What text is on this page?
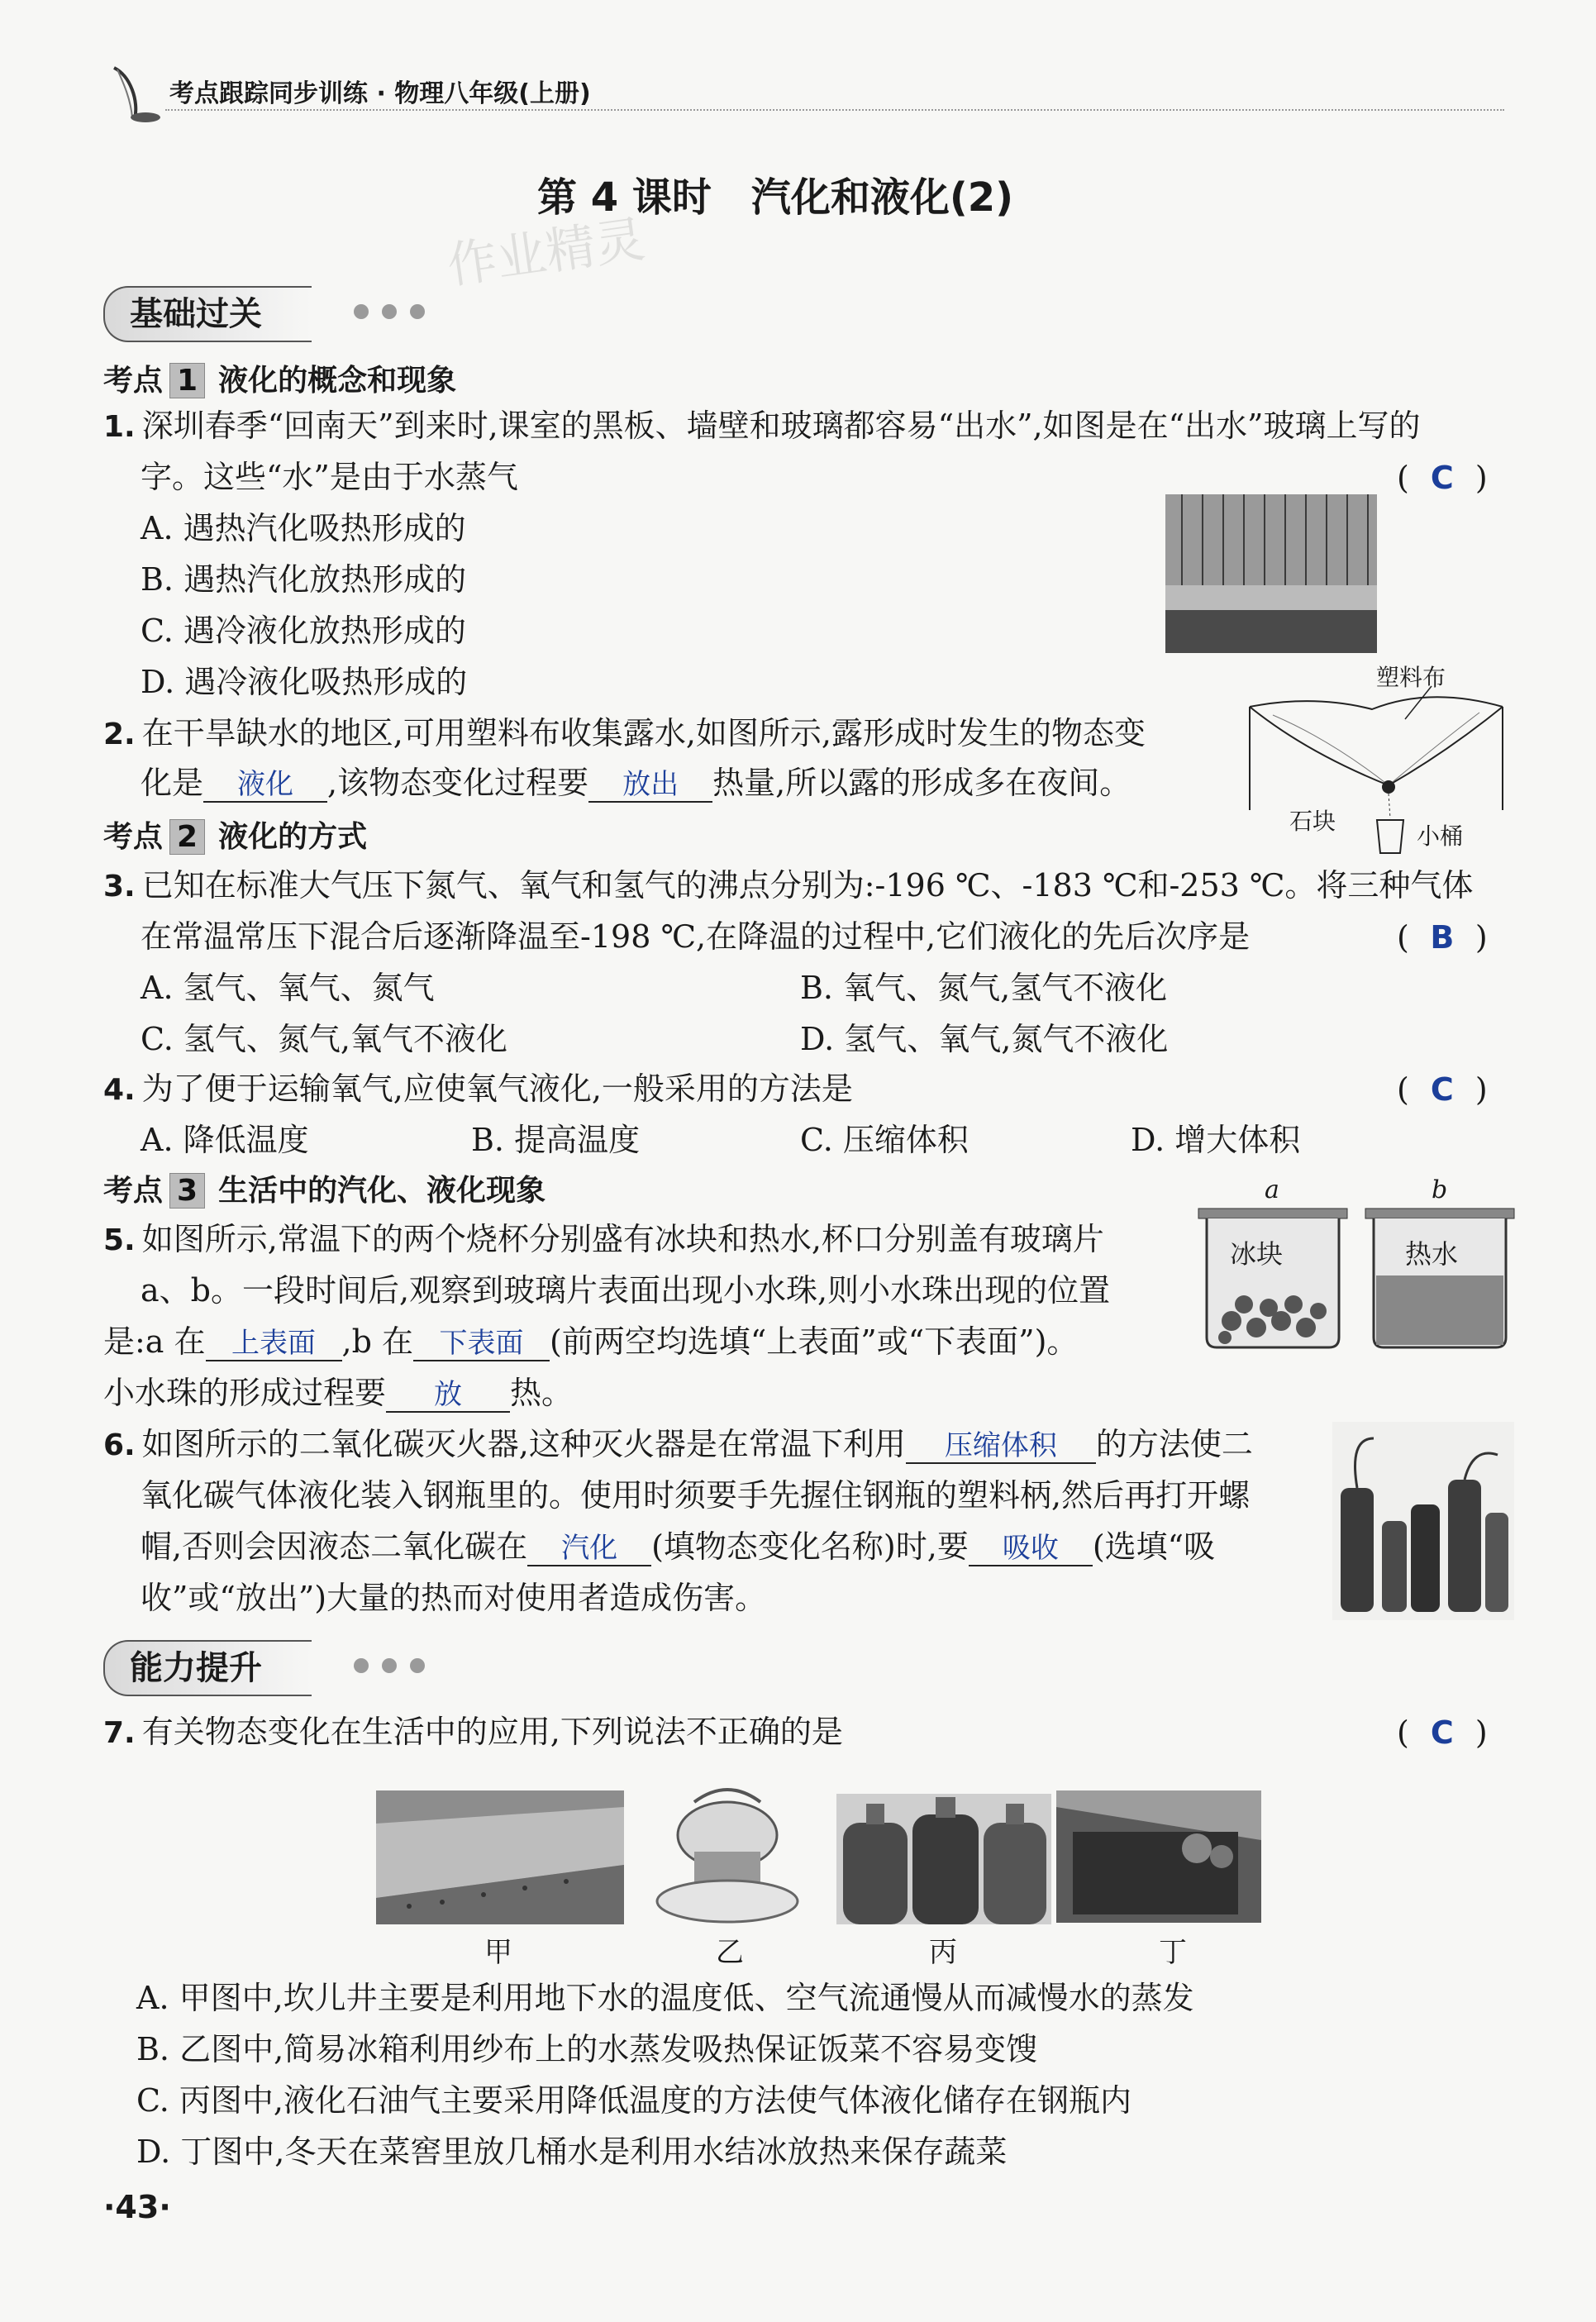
考点跟踪同步训练 · 物理八年级(上册)
第 4 课时　汽化和液化(2)
作业精灵
基础过关
考点 1 液化的概念和现象
1. 深圳春季“回南天”到来时,课室的黑板、墙壁和玻璃都容易“出水”,如图是在“出水”玻璃上写的
字。这些“水”是由于水蒸气	( C )
A. 遇热汽化吸热形成的
B. 遇热汽化放热形成的
C. 遇冷液化放热形成的
D. 遇冷液化吸热形成的
2. 在干旱缺水的地区,可用塑料布收集露水,如图所示,露形成时发生的物态变
化是 液化 ,该物态变化过程要 放出 热量,所以露的形成多在夜间。
塑料布
石块
小桶
考点 2 液化的方式
3. 已知在标准大气压下氮气、氧气和氢气的沸点分别为:-196 ℃、-183 ℃和-253 ℃。将三种气体
在常温常压下混合后逐渐降温至-198 ℃,在降温的过程中,它们液化的先后次序是	( B )
A. 氢气、氧气、氮气	B. 氧气、氮气,氢气不液化
C. 氢气、氮气,氧气不液化	D. 氢气、氧气,氮气不液化
4. 为了便于运输氧气,应使氧气液化,一般采用的方法是	( C )
A. 降低温度	B. 提高温度	C. 压缩体积	D. 增大体积
考点 3 生活中的汽化、液化现象
5. 如图所示,常温下的两个烧杯分别盛有冰块和热水,杯口分别盖有玻璃片
a、b。一段时间后,观察到玻璃片表面出现小水珠,则小水珠出现的位置
是:a 在 上表面 ,b 在 下表面 (前两空均选填“上表面”或“下表面”)。
小水珠的形成过程要 放 热。
a	b
冰块	热水
6. 如图所示的二氧化碳灭火器,这种灭火器是在常温下利用 压缩体积 的方法使二
氧化碳气体液化装入钢瓶里的。使用时须要手先握住钢瓶的塑料柄,然后再打开螺
帽,否则会因液态二氧化碳在 汽化 (填物态变化名称)时,要 吸收 (选填“吸
收”或“放出”)大量的热而对使用者造成伤害。
能力提升
7. 有关物态变化在生活中的应用,下列说法不正确的是	( C )
甲	乙	丙	丁
A. 甲图中,坎儿井主要是利用地下水的温度低、空气流通慢从而减慢水的蒸发
B. 乙图中,简易冰箱利用纱布上的水蒸发吸热保证饭菜不容易变馊
C. 丙图中,液化石油气主要采用降低温度的方法使气体液化储存在钢瓶内
D. 丁图中,冬天在菜窖里放几桶水是利用水结冰放热来保存蔬菜
·43·
